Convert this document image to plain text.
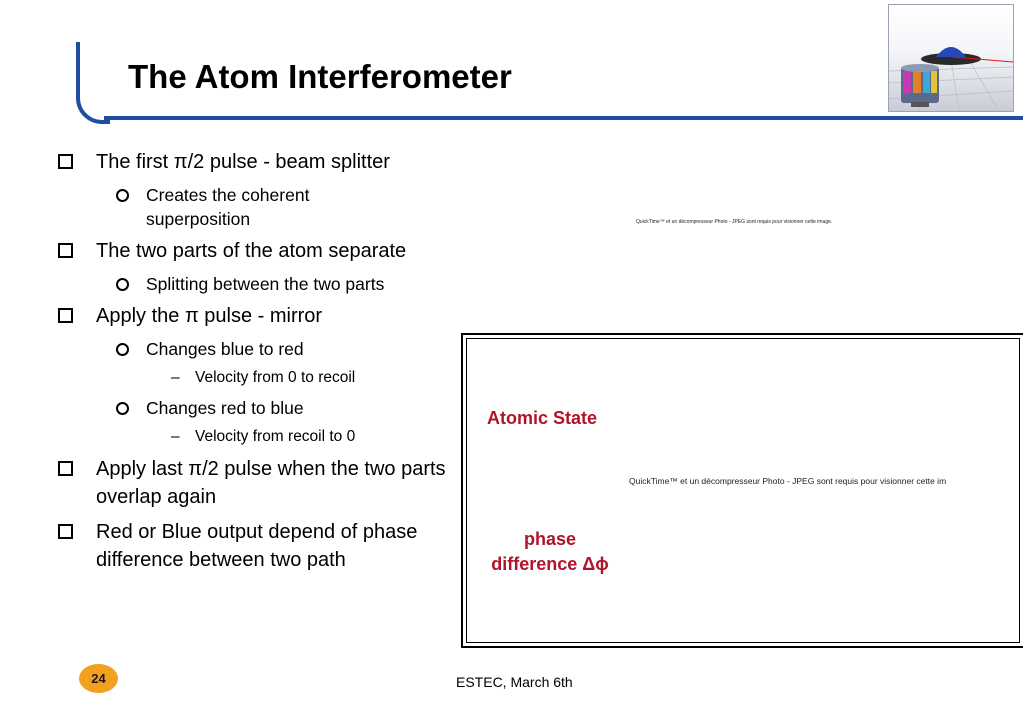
The Atom Interferometer
The first π/2 pulse - beam splitter
Creates the coherent superposition
The two parts of the atom separate
Splitting between the two parts
Apply the π pulse - mirror
Changes blue to red
– Velocity from 0 to recoil
Changes red to blue
– Velocity from recoil to 0
Apply last π/2 pulse when the two parts overlap again
Red or Blue output depend of phase difference between two path
QuickTime™ et un décompresseur Photo - JPEG sont requis pour visionner cette image.
Atomic State
phase
difference Δϕ
QuickTime™ et un décompresseur Photo - JPEG sont requis pour visionner cette im
24	ESTEC, March 6th
